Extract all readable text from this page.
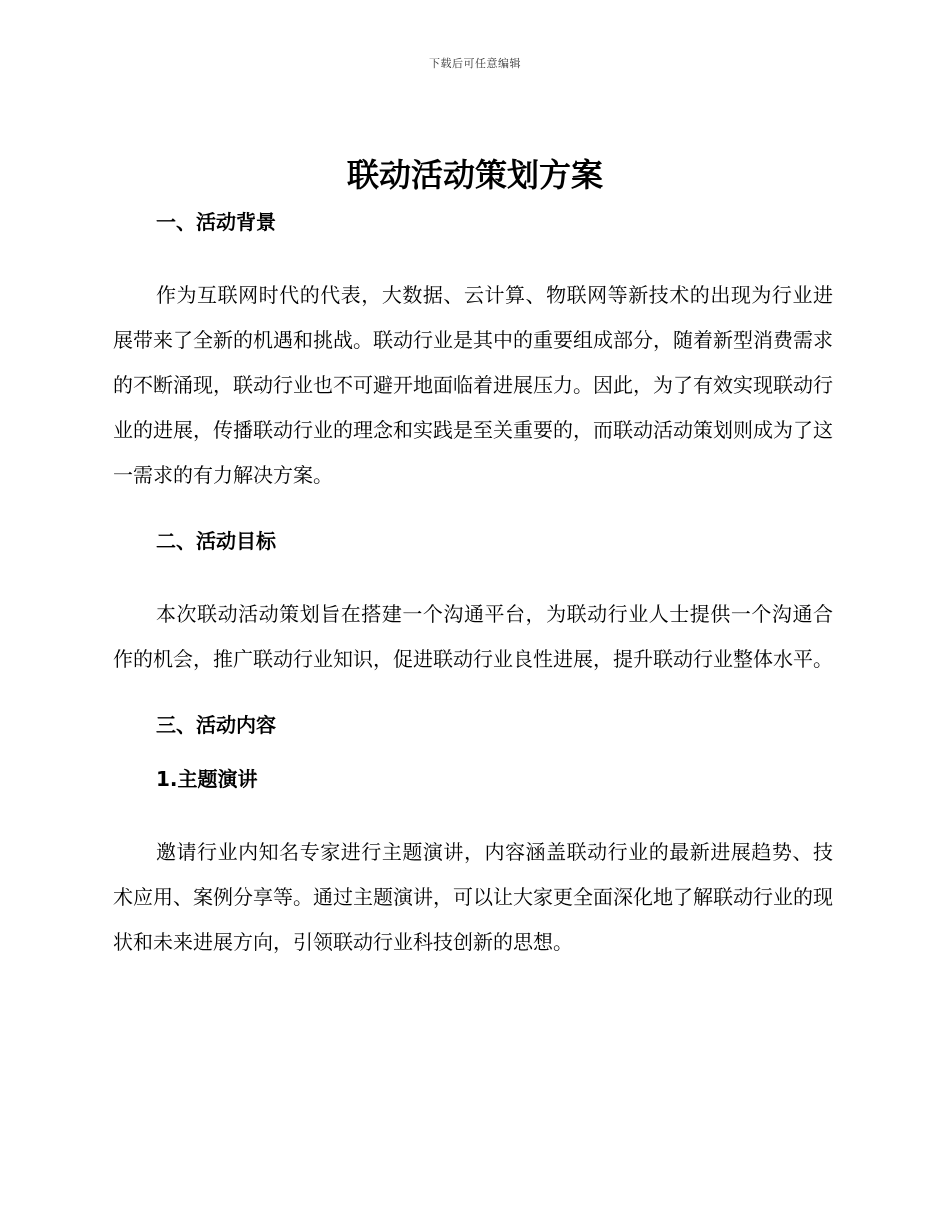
下载后可任意编辑
联动活动策划方案
一、活动背景

作为互联网时代的代表，大数据、云计算、物联网等新技术的出现为行业进展带来了全新的机遇和挑战。联动行业是其中的重要组成部分，随着新型消费需求的不断涌现，联动行业也不可避开地面临着进展压力。因此，为了有效实现联动行业的进展，传播联动行业的理念和实践是至关重要的，而联动活动策划则成为了这一需求的有力解决方案。

二、活动目标

本次联动活动策划旨在搭建一个沟通平台，为联动行业人士提供一个沟通合作的机会，推广联动行业知识，促进联动行业良性进展，提升联动行业整体水平。

三、活动内容
1.主题演讲

邀请行业内知名专家进行主题演讲，内容涵盖联动行业的最新进展趋势、技术应用、案例分享等。通过主题演讲，可以让大家更全面深化地了解联动行业的现状和未来进展方向，引领联动行业科技创新的思想。
